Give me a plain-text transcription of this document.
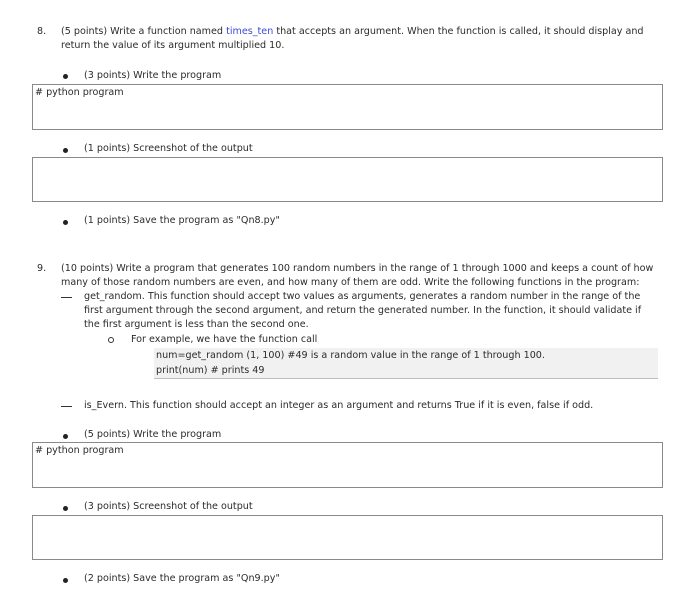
8. (5 points) Write a function named times_ten that accepts an argument. When the function is called, it should display and
return the value of its argument multiplied 10.
(3 points) Write the program
# python program
(1 points) Screenshot of the output
(1 points) Save the program as "Qn8.py"
9. (10 points) Write a program that generates 100 random numbers in the range of 1 through 1000 and keeps a count of how
many of those random numbers are even, and how many of them are odd. Write the following functions in the program:
get_random. This function should accept two values as arguments, generates a random number in the range of the
first argument through the second argument, and return the generated number. In the function, it should validate if
the first argument is less than the second one.
For example, we have the function call
num=get_random (1, 100) #49 is a random value in the range of 1 through 100.
print(num) # prints 49
is_Evern. This function should accept an integer as an argument and returns True if it is even, false if odd.
(5 points) Write the program
# python program
(3 points) Screenshot of the output
(2 points) Save the program as "Qn9.py"
